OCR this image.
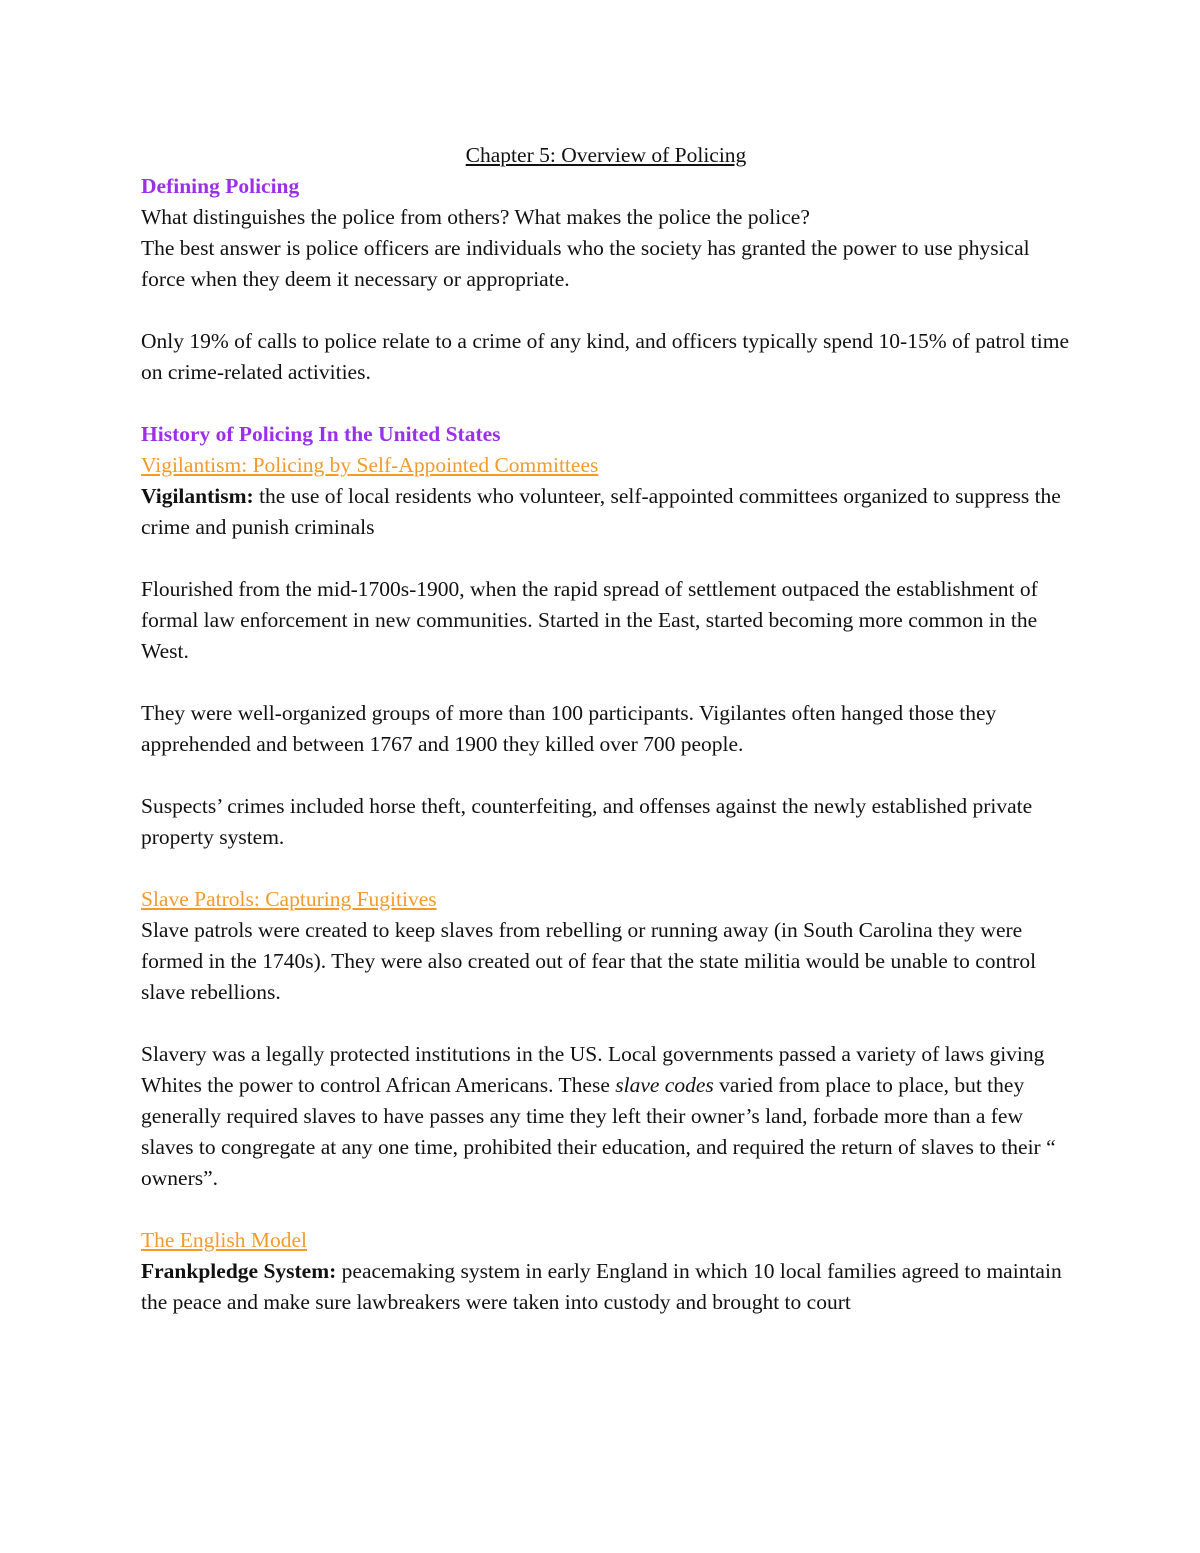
Chapter 5: Overview of Policing
Defining Policing

What distinguishes the police from others? What makes the police the police?

The best answer is police officers are individuals who the society has granted the power to use physical force when they deem it necessary or appropriate.

Only 19% of calls to police relate to a crime of any kind, and officers typically spend 10-15% of patrol time on crime-related activities.

History of Policing In the United States
Vigilantism: Policing by Self-Appointed Committees

Vigilantism: the use of local residents who volunteer, self-appointed committees organized to suppress the crime and punish criminals

Flourished from the mid-1700s-1900, when the rapid spread of settlement outpaced the establishment of formal law enforcement in new communities. Started in the East, started becoming more common in the West.

They were well-organized groups of more than 100 participants. Vigilantes often hanged those they apprehended and between 1767 and 1900 they killed over 700 people.

Suspects’ crimes included horse theft, counterfeiting, and offenses against the newly established private property system.

Slave Patrols: Capturing Fugitives

Slave patrols were created to keep slaves from rebelling or running away (in South Carolina they were formed in the 1740s). They were also created out of fear that the state militia would be unable to control slave rebellions.

Slavery was a legally protected institutions in the US. Local governments passed a variety of laws giving Whites the power to control African Americans. These slave codes varied from place to place, but they generally required slaves to have passes any time they left their owner’s land, forbade more than a few slaves to congregate at any one time, prohibited their education, and required the return of slaves to their “ owners”.

The English Model

Frankpledge System: peacemaking system in early England in which 10 local families agreed to maintain the peace and make sure lawbreakers were taken into custody and brought to court
